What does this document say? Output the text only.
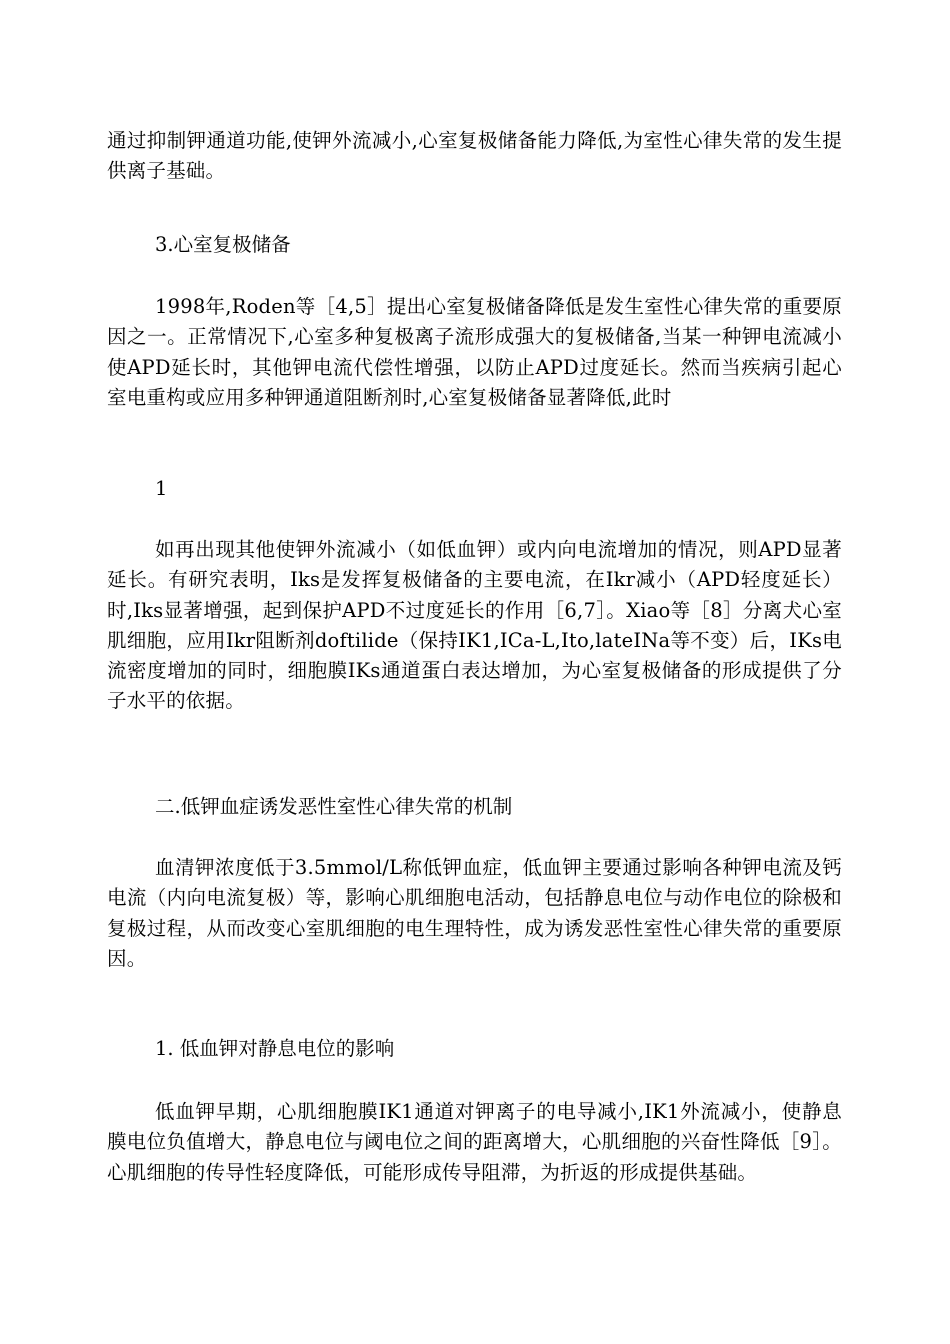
通过抑制钾通道功能,使钾外流减小,心室复极储备能力降低,为室性心律失常的发生提供离子基础。

3.心室复极储备

1998年,Roden等［4,5］提出心室复极储备降低是发生室性心律失常的重要原因之一。正常情况下,心室多种复极离子流形成强大的复极储备,当某一种钾电流减小使APD延长时，其他钾电流代偿性增强，以防止APD过度延长。然而当疾病引起心室电重构或应用多种钾通道阻断剂时,心室复极储备显著降低,此时

1

如再出现其他使钾外流减小（如低血钾）或内向电流增加的情况，则APD显著延长。有研究表明，Iks是发挥复极储备的主要电流，在Ikr减小（APD轻度延长）时,Iks显著增强，起到保护APD不过度延长的作用［6,7］。Xiao等［8］分离犬心室肌细胞，应用Ikr阻断剂doftilide（保持IK1,ICa-L,Ito,lateINa等不变）后，IKs电流密度增加的同时，细胞膜IKs通道蛋白表达增加，为心室复极储备的形成提供了分子水平的依据。

二.低钾血症诱发恶性室性心律失常的机制

血清钾浓度低于3.5mmol/L称低钾血症，低血钾主要通过影响各种钾电流及钙电流（内向电流复极）等，影响心肌细胞电活动，包括静息电位与动作电位的除极和复极过程，从而改变心室肌细胞的电生理特性，成为诱发恶性室性心律失常的重要原因。

1. 低血钾对静息电位的影响

低血钾早期，心肌细胞膜IK1通道对钾离子的电导减小,IK1外流减小，使静息膜电位负值增大，静息电位与阈电位之间的距离增大，心肌细胞的兴奋性降低［9］。心肌细胞的传导性轻度降低，可能形成传导阻滞，为折返的形成提供基础。
